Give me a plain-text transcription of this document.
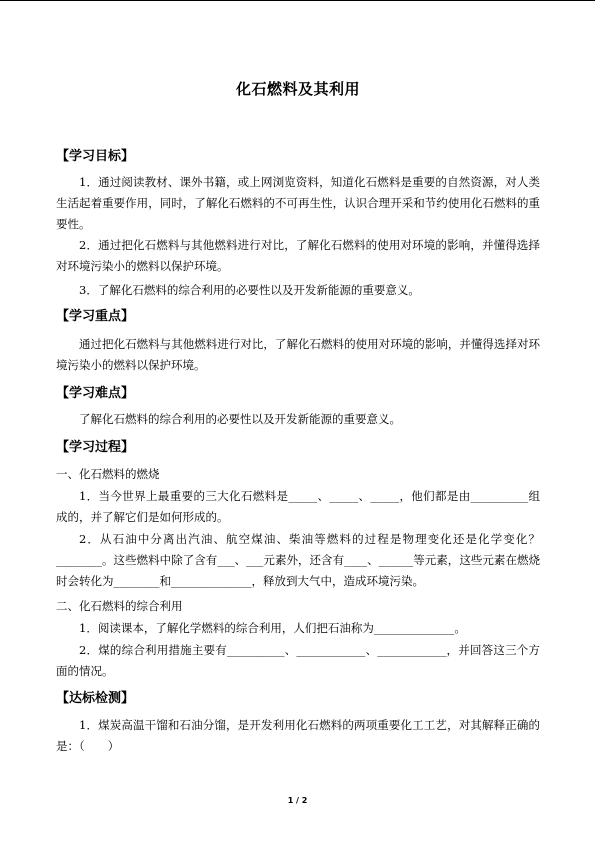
化石燃料及其利用
【学习目标】
1．通过阅读教材、课外书籍，或上网浏览资料，知道化石燃料是重要的自然资源，对人类生活起着重要作用，同时，了解化石燃料的不可再生性，认识合理开采和节约使用化石燃料的重要性。
2．通过把化石燃料与其他燃料进行对比，了解化石燃料的使用对环境的影响，并懂得选择对环境污染小的燃料以保护环境。
3．了解化石燃料的综合利用的必要性以及开发新能源的重要意义。
【学习重点】
通过把化石燃料与其他燃料进行对比，了解化石燃料的使用对环境的影响，并懂得选择对环境污染小的燃料以保护环境。
【学习难点】
了解化石燃料的综合利用的必要性以及开发新能源的重要意义。
【学习过程】
一、化石燃料的燃烧
1．当今世界上最重要的三大化石燃料是_____、_____、_____，他们都是由__________组成的，并了解它们是如何形成的。
2．从石油中分离出汽油、航空煤油、柴油等燃料的过程是物理变化还是化学变化？________。这些燃料中除了含有___、___元素外，还含有____、______等元素，这些元素在燃烧时会转化为________和______________，释放到大气中，造成环境污染。
二、化石燃料的综合利用
1．阅读课本，了解化学燃料的综合利用，人们把石油称为______________。
2．煤的综合利用措施主要有__________、____________、____________，并回答这三个方面的情况。
【达标检测】
1．煤炭高温干馏和石油分馏，是开发利用化石燃料的两项重要化工工艺，对其解释正确的是：（　　）
1 / 2
